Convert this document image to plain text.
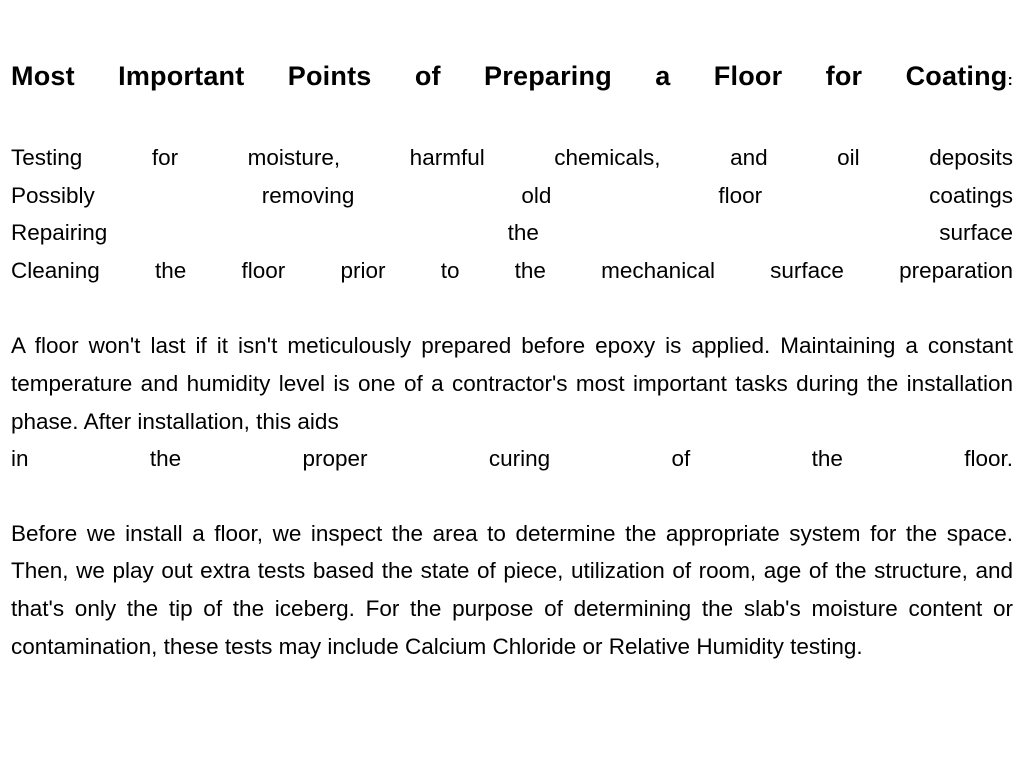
Most Important Points of Preparing a Floor for Coating:
Testing for moisture, harmful chemicals, and oil deposits
Possibly removing old floor coatings
Repairing the surface
Cleaning the floor prior to the mechanical surface preparation

A floor won't last if it isn't meticulously prepared before epoxy is applied. Maintaining a constant temperature and humidity level is one of a contractor's most important tasks during the installation phase. After installation, this aids
in the proper curing of the floor.

Before we install a floor, we inspect the area to determine the appropriate system for the space. Then, we play out extra tests based the state of piece, utilization of room, age of the structure, and that's only the tip of the iceberg. For the purpose of determining the slab's moisture content or contamination, these tests may include Calcium Chloride or Relative Humidity testing.
